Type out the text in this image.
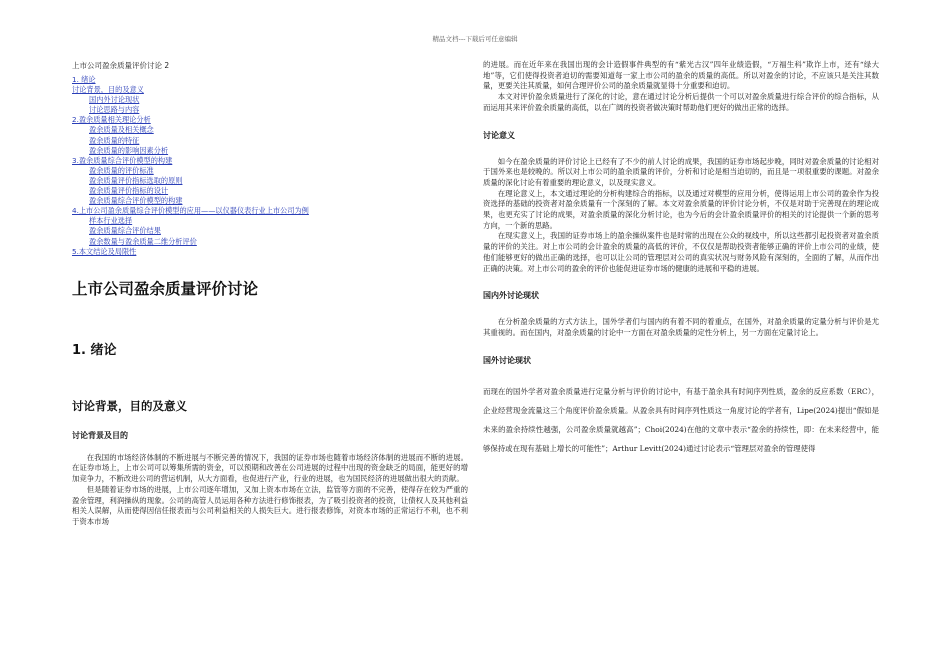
精品文档---下载后可任意编辑
上市公司盈余质量评价讨论 2
1. 绪论
讨论背景，目的及意义
国内外讨论现状
讨论思路与内容
2.盈余质量相关理论分析
盈余质量及相关概念
盈余质量的特征
盈余质量的影响因素分析
3.盈余质量综合评价模型的构建
盈余质量的评价标准
盈余质量评价指标选取的原则
盈余质量评价指标的设计
盈余质量综合评价模型的构建
4.上市公司盈余质量综合评价模型的应用——以仪器仪表行业上市公司为例
样本行业选择
盈余质量综合评价结果
盈余数量与盈余质量二维分析评价
5.本文结论及局限性
上市公司盈余质量评价讨论
1. 绪论
讨论背景，目的及意义
讨论背景及目的

在我国的市场经济体制的不断进展与不断完善的情况下，我国的证券市场也随着市场经济体制的进展而不断的进展。在证券市场上，上市公司可以筹集所需的资金，可以预期和改善在公司进展的过程中出现的资金缺乏的局面，能更好的增加竞争力，不断改进公司的营运机制，从大方面看，也促进行产业，行业的进展，也为国民经济的进展做出很大的贡献。

但是随着证券市场的进展，上市公司逐年增加，又加上资本市场在立法，监管等方面的不完善，使得存在较为严重的盈余管理，利润操纵的现象。公司的高管人员运用各种方法进行修饰报表，为了吸引投资者的投资，让债权人及其他利益相关人误解，从而使得因信任报表而与公司利益相关的人损失巨大。进行报表修饰，对资本市场的正常运行不利，也不利于资本市场

的进展。而在近年来在我国出现的会计造假事件典型的有“紫光古汉”四年业绩造假，“万福生科”欺诈上市，还有“绿大地”等，它们使得投资者迫切的需要知道每一家上市公司的盈余的质量的高低。所以对盈余的讨论，不应该只是关注其数量，更要关注其质量，如何合理评价公司的盈余质量就显得十分重要和迫切。

本文对评价盈余质量进行了深化的讨论，意在通过讨论分析后提供一个可以对盈余质量进行综合评价的综合指标，从而运用其来评价盈余质量的高低，以在广阔的投资者做决策时帮助他们更好的做出正常的选择。

讨论意义

如今在盈余质量的评价讨论上已经有了不少的前人讨论的成果，我国的证券市场起步晚，同时对盈余质量的讨论相对于国外来也是较晚的。所以对上市公司的盈余质量的评价，分析和讨论是相当迫切的，而且是一项很重要的课题。对盈余质量的深化讨论有着重要的理论意义，以及现实意义。

在理论意义上，本文通过理论的分析构建综合的指标，以及通过对模型的应用分析，使得运用上市公司的盈余作为投资选择的基础的投资者对盈余质量有一个深刻的了解。本文对盈余质量的评价讨论分析，不仅是对助于完善现在的理论成果，也更充实了讨论的成果，对盈余质量的深化分析讨论，也为今后的会计盈余质量评价的相关的讨论提供一个新的思考方向，一个新的思路。

在现实意义上，我国的证券市场上的盈余操纵案件也是时常的出现在公众的视线中，所以这些都引起投资者对盈余质量的评价的关注。对上市公司的会计盈余的质量的高低的评价，不仅仅是帮助投资者能够正确的评价上市公司的业绩，使他们能够更好的做出正确的选择，也可以让公司的管理层对公司的真实状况与财务风险有深刻的，全面的了解，从而作出正确的决策。对上市公司的盈余的评价也能促进证券市场的健康的进展和平稳的进展。

国内外讨论现状

在分析盈余质量的方式方法上，国外学者们与国内的有着不同的着重点，在国外，对盈余质量的定量分析与评价是尤其重视的。而在国内，对盈余质量的讨论中一方面在对盈余质量的定性分析上，另一方面在定量讨论上。

国外讨论现状

而现在的国外学者对盈余质量进行定量分析与评价的讨论中，有基于盈余具有时间序列性质，盈余的反应系数（ERC），企业经营现金流量这三个角度评价盈余质量。从盈余具有时间序列性质这一角度讨论的学者有，Lipe(2024)提出“假如是未来的盈余持续性越强，公司盈余质量就越高”；Choi(2024)在他的文章中表示“盈余的持续性，即：在未来经营中，能够保持或在现有基础上增长的可能性”；Arthur Levitt(2024)通过讨论表示“管理层对盈余的管理使得
